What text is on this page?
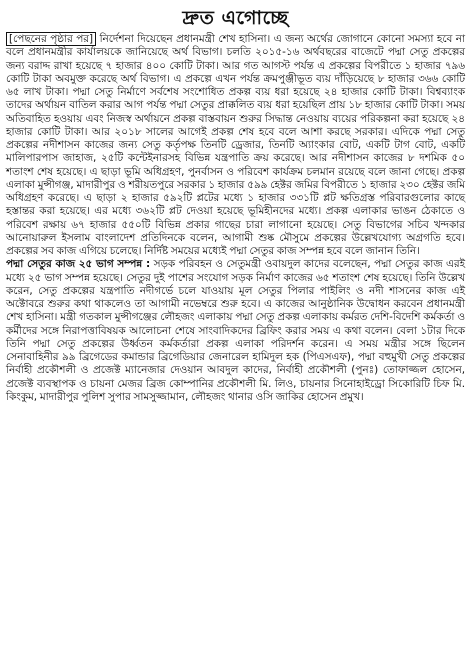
দ্রুত এগোচ্ছে

[পেছনের পৃষ্ঠার পর] নির্দেশনা দিয়েছেন প্রধানমন্ত্রী শেখ হাসিনা। এ জন্য অর্থের জোগানে কোনো সমস্যা হবে না বলে প্রধানমন্ত্রীর কার্যালয়কে জানিয়েছে অর্থ বিভাগ। চলতি ২০১৫-১৬ অর্থবছরের বাজেটে পদ্মা সেতু প্রকল্পের জন্য বরাদ্দ রাখা হয়েছে ৭ হাজার ৪০০ কোটি টাকা। আর গত আগস্ট পর্যন্ত এ প্রকল্পের বিপরীতে ১ হাজার ৭৯৬ কোটি টাকা অবমুক্ত করেছে অর্থ বিভাগ। এ প্রকল্পে এখন পর্যন্ত ক্রমপুঞ্জীভূত ব্যয় দাঁড়িয়েছে ৮ হাজার ৩৬৬ কোটি ৬৫ লাখ টাকা। পদ্মা সেতু নির্মাণে সর্বশেষ সংশোধিত প্রকল্প ব্যয় ধরা হয়েছে ২৪ হাজার কোটি টাকা। বিশ্বব্যাংক তাদের অর্থায়ন বাতিল করার আগ পর্যন্ত পদ্মা সেতুর প্রাক্কলিত ব্যয় ধরা হয়েছিল প্রায় ১৮ হাজার কোটি টাকা। সময় অতিবাহিত হওয়ায় এবং নিজস্ব অর্থায়নে প্রকল্প বাস্তবায়ন শুরুর সিদ্ধান্ত নেওয়ায় ব্যয়ের পরিকল্পনা করা হয়েছে ২৪ হাজার কোটি টাকা। আর ২০১৮ সালের আগেই প্রকল্প শেষ হবে বলে আশা করছে সরকার। এদিকে পদ্মা সেতু প্রকল্পের নদীশাসন কাজের জন্য সেতু কর্তৃপক্ষ তিনটি ড্রেজার, তিনটি অ্যাংকার বোট, একটি টাগ বোট, একটি মালিপারপাস জাহাজ, ২৫টি কন্টেইনারসহ বিভিন্ন যন্ত্রপাতি ক্রয় করেছে। আর নদীশাসন কাজের ৮ দশমিক ৫০ শতাংশ শেষ হয়েছে। এ ছাড়া ভূমি অধিগ্রহণ, পুনর্বাসন ও পরিবেশ কার্যক্রম চলমান রয়েছে বলে জানা গেছে। প্রকল্প এলাকা মুন্সীগঞ্জ, মাদারীপুর ও শরীয়তপুরে সরকার ১ হাজার ৫৯৯ হেক্টর জমির বিপরীতে ১ হাজার ২৩০ হেক্টর জমি অধিগ্রহণ করেছে। এ ছাড়া ২ হাজার ৫৯২টি প্লটের মধ্যে ১ হাজার ৩৩১টি প্লট ক্ষতিগ্রস্ত পরিবারগুলোর কাছে হস্তান্তর করা হয়েছে। এর মধ্যে ৩৬২টি প্লট দেওয়া হয়েছে ভূমিহীনদের মধ্যে। প্রকল্প এলাকার ভাঙন ঠেকাতে ও পরিবেশ রক্ষায় ৬৭ হাজার ৫৫০টি বিভিন্ন প্রকার গাছের চারা লাগানো হয়েছে। সেতু বিভাগের সচিব খন্দকার আনোয়ারুল ইসলাম বাংলাদেশ প্রতিদিনকে বলেন, আগামী শুষ্ক মৌসুমে প্রকল্পের উল্লেখযোগ্য অগ্রগতি হবে। প্রকল্পের সব কাজ এগিয়ে চলেছে। নির্দিষ্ট সময়ের মধ্যেই পদ্মা সেতুর কাজ সম্পন্ন হবে বলে জানান তিনি।

পদ্মা সেতুর কাজ ২৫ ভাগ সম্পন্ন : সড়ক পরিবহন ও সেতুমন্ত্রী ওবায়দুল কাদের বলেছেন, পদ্মা সেতুর কাজ এরই মধ্যে ২৫ ভাগ সম্পন্ন হয়েছে। সেতুর দুই পাশের সংযোগ সড়ক নির্মাণ কাজের ৬৫ শতাংশ শেষ হয়েছে। তিনি উল্লেখ করেন, সেতু প্রকল্পের যন্ত্রপাতি নদীগর্ভে চলে যাওয়ায় মূল সেতুর পিলার পাইলিং ও নদী শাসনের কাজ এই অক্টোবরে শুরুর কথা থাকলেও তা আগামী নভেম্বরে শুরু হবে। এ কাজের আনুষ্ঠানিক উদ্বোধন করবেন প্রধানমন্ত্রী শেখ হাসিনা। মন্ত্রী গতকাল মুন্সীগঞ্জের লৌহজং এলাকায় পদ্মা সেতু প্রকল্প এলাকায় কর্মরত দেশি-বিদেশি কর্মকর্তা ও কর্মীদের সঙ্গে নিরাপত্তাবিষয়ক আলোচনা শেষে সাংবাদিকদের ব্রিফিং করার সময় এ কথা বলেন। বেলা ১টার দিকে তিনি পদ্মা সেতু প্রকল্পের উর্ধ্বতন কর্মকর্তারা প্রকল্প এলাকা পরিদর্শন করেন। এ সময় মন্ত্রীর সঙ্গে ছিলেন সেনাবাহিনীর ৯৯ ব্রিগেডের কমান্ডার ব্রিগেডিয়ার জেনারেল হামিদুল হক (পিএসএফ), পদ্মা বহুমুখী সেতু প্রকল্পের নির্বাহী প্রকৌশলী ও প্রজেক্ট ম্যানেজার দেওয়ান আবদুল কাদের, নির্বাহী প্রকৌশলী (পুনঃ) তোফাজ্জল হোসেন, প্রজেক্ট ব্যবস্থাপক ও চায়না মেজর ব্রিজ কোম্পানির প্রকৌশলী মি. লিও, চায়নার সিনোহাইড্রো সিকোরিটি চিফ মি. কিংকুম, মাদারীপুর পুলিশ সুপার সামসুজ্জামান, লৌহজং থানার ওসি জাকির হোসেন প্রমুখ।
